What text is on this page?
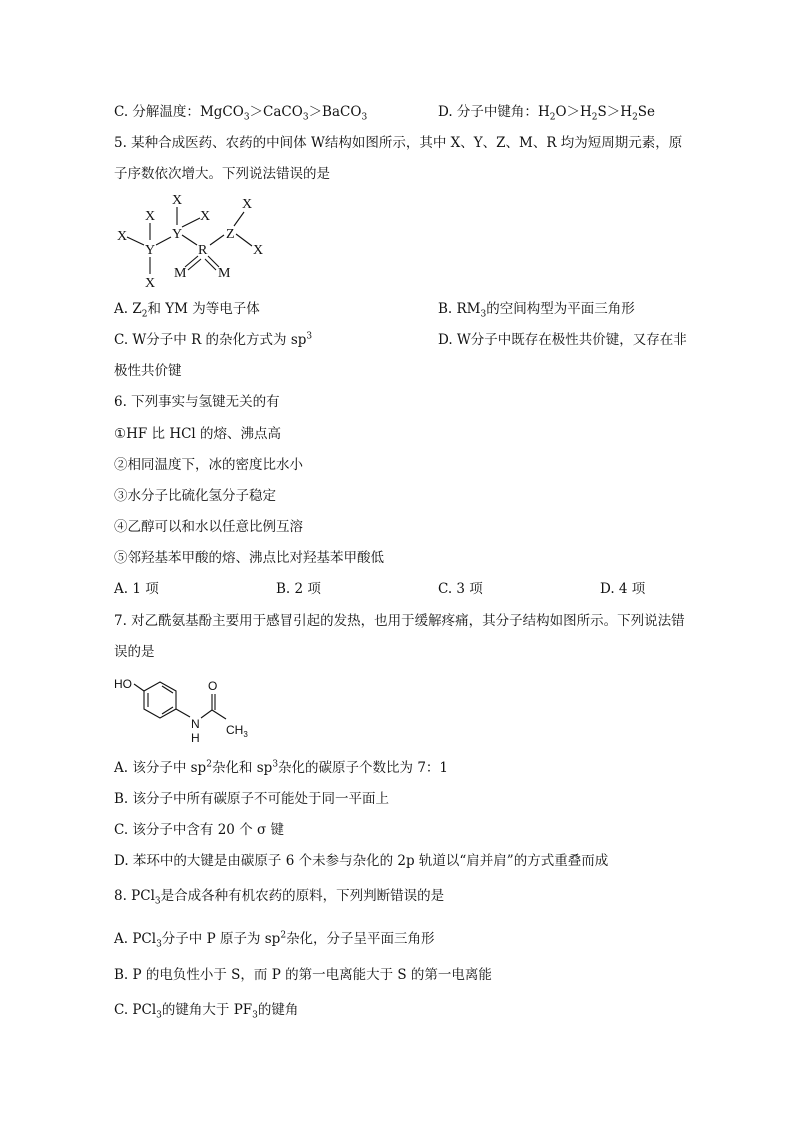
C. 分解温度：MgCO$_3$＞CaCO$_3$＞BaCO$_3$	D. 分子中键角：$H_2O>H_2S>H_2Se$
5. 某种合成医药、农药的中间体 W结构如图所示，其中 X、Y、Z、M、R 均为短周期元素，原
子序数依次增大。下列说法错误的是
X
X
X
X
Y
Y
X
R
Z
X
X
M M
A. $Z_2$和 YM 为等电子体	B. $RM_3$的空间构型为平面三角形
C. W分子中 R 的杂化方式为 $sp^3$	D. W分子中既存在极性共价键，又存在非
极性共价键
6. 下列事实与氢键无关的有
①HF 比 HCl 的熔、沸点高
②相同温度下，冰的密度比水小
③水分子比硫化氢分子稳定
④乙醇可以和水以任意比例互溶
⑤邻羟基苯甲酸的熔、沸点比对羟基苯甲酸低
A. 1 项	B. 2 项	C. 3 项	D. 4 项
7. 对乙酰氨基酚主要用于感冒引起的发热，也用于缓解疼痛，其分子结构如图所示。下列说法错
误的是
HO
N
H
O
$CH_3$
A. 该分子中 $sp^2$杂化和 $sp^3$杂化的碳原子个数比为 7：1
B. 该分子中所有碳原子不可能处于同一平面上
C. 该分子中含有 20 个 σ 键
D. 苯环中的大键是由碳原子 6 个未参与杂化的 2p 轨道以“肩并肩”的方式重叠而成
8. PCl$_3$是合成各种有机农药的原料，下列判断错误的是
A. PCl$_3$分子中 P 原子为 $sp^2$杂化，分子呈平面三角形
B. P 的电负性小于 S，而 P 的第一电离能大于 S 的第一电离能
C. PCl$_3$的键角大于 $PF_3$的键角
